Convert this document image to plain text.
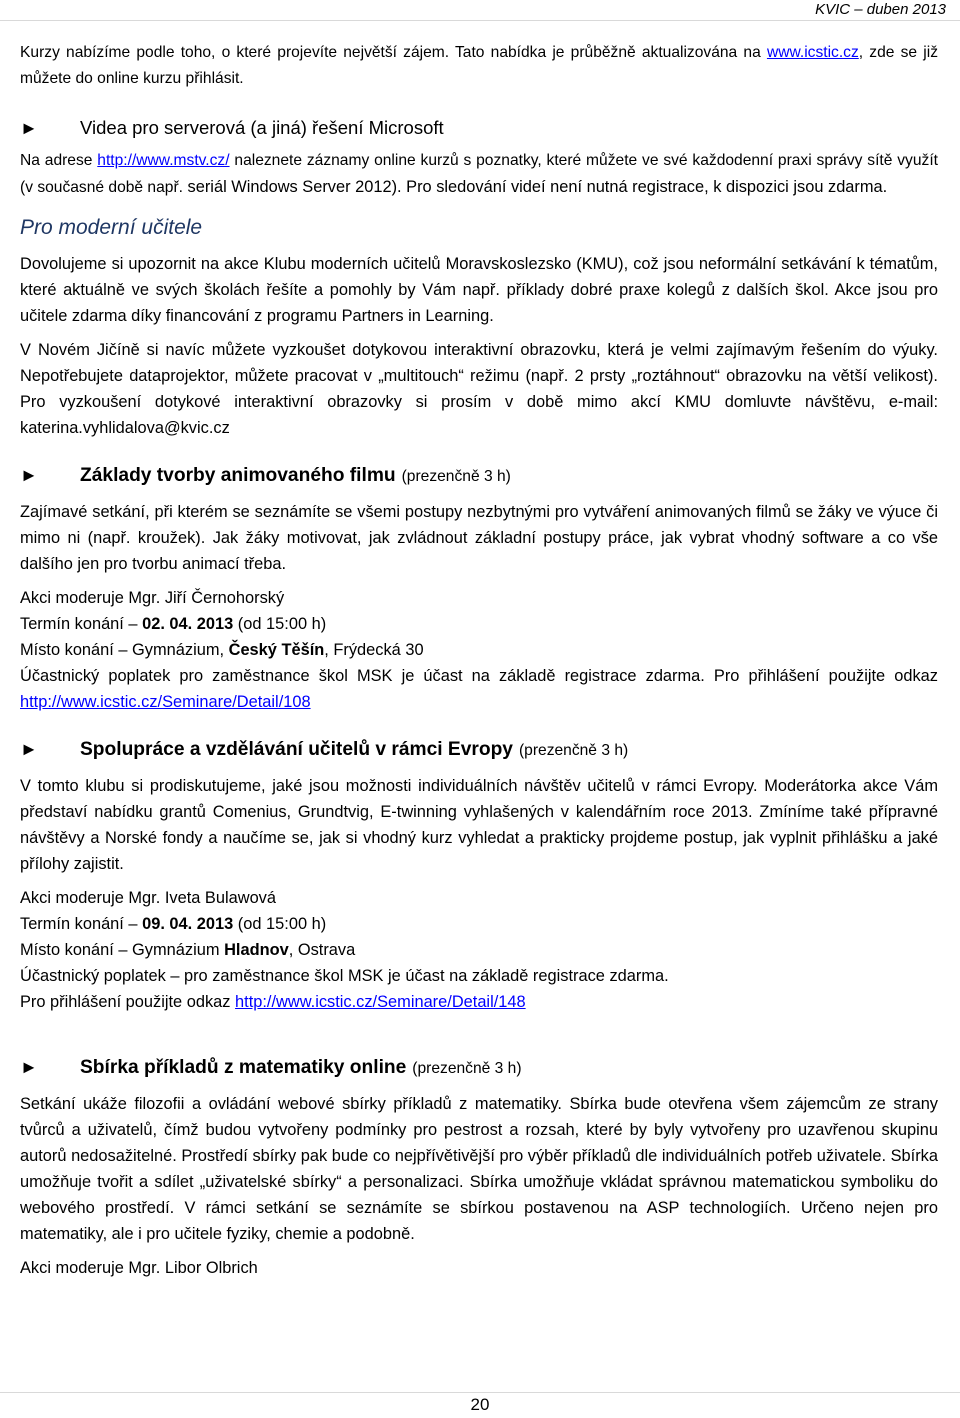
KVIC – duben 2013

Kurzy nabízíme podle toho, o které projevíte největší zájem. Tato nabídka je průběžně aktualizována na www.icstic.cz, zde se již můžete do online kurzu přihlásit.

►	Videa pro serverová (a jiná) řešení Microsoft

Na adrese http://www.mstv.cz/ naleznete záznamy online kurzů s poznatky, které můžete ve své každodenní praxi správy sítě využít (v současné době např. seriál Windows Server 2012). Pro sledování videí není nutná registrace, k dispozici jsou zdarma.

Pro moderní učitele

Dovolujeme si upozornit na akce Klubu moderních učitelů Moravskoslezsko (KMU), což jsou neformální setkávání k tématům, které aktuálně ve svých školách řešíte a pomohly by Vám např. příklady dobré praxe kolegů z dalších škol. Akce jsou pro učitele zdarma díky financování z programu Partners in Learning.

V Novém Jičíně si navíc můžete vyzkoušet dotykovou interaktivní obrazovku, která je velmi zajímavým řešením do výuky. Nepotřebujete dataprojektor, můžete pracovat v „multitouch“ režimu (např. 2 prsty „roztáhnout“ obrazovku na větší velikost). Pro vyzkoušení dotykové interaktivní obrazovky si prosím v době mimo akcí KMU domluvte návštěvu, e-mail: katerina.vyhlidalova@kvic.cz

►	Základy tvorby animovaného filmu (prezenčně 3 h)

Zajímavé setkání, při kterém se seznámíte se všemi postupy nezbytnými pro vytváření animovaných filmů se žáky ve výuce či mimo ni (např. kroužek). Jak žáky motivovat, jak zvládnout základní postupy práce, jak vybrat vhodný software a co vše dalšího jen pro tvorbu animací třeba.

Akci moderuje Mgr. Jiří Černohorský

Termín konání – 02. 04. 2013 (od 15:00 h)

Místo konání – Gymnázium, Český Těšín, Frýdecká 30

Účastnický poplatek pro zaměstnance škol MSK je účast na základě registrace zdarma. Pro přihlášení použijte odkaz http://www.icstic.cz/Seminare/Detail/108

►	Spolupráce a vzdělávání učitelů v rámci Evropy (prezenčně 3 h)

V tomto klubu si prodiskutujeme, jaké jsou možnosti individuálních návštěv učitelů v rámci Evropy. Moderátorka akce Vám představí nabídku grantů Comenius, Grundtvig, E-twinning vyhlašených v kalendářním roce 2013. Zmíníme také přípravné návštěvy a Norské fondy a naučíme se, jak si vhodný kurz vyhledat a prakticky projdeme postup, jak vyplnit přihlášku a jaké přílohy zajistit.

Akci moderuje Mgr. Iveta Bulawová

Termín konání – 09. 04. 2013 (od 15:00 h)

Místo konání – Gymnázium Hladnov, Ostrava

Účastnický poplatek – pro zaměstnance škol MSK je účast na základě registrace zdarma.

Pro přihlášení použijte odkaz http://www.icstic.cz/Seminare/Detail/148

►	Sbírka příkladů z matematiky online (prezenčně 3 h)

Setkání ukáže filozofii a ovládání webové sbírky příkladů z matematiky. Sbírka bude otevřena všem zájemcům ze strany tvůrců a uživatelů, čímž budou vytvořeny podmínky pro pestrost a rozsah, které by byly vytvořeny pro uzavřenou skupinu autorů nedosažitelné. Prostředí sbírky pak bude co nejpřívětivější pro výběr příkladů dle individuálních potřeb uživatele. Sbírka umožňuje tvořit a sdílet „uživatelské sbírky“ a personalizaci. Sbírka umožňuje vkládat správnou matematickou symboliku do webového prostředí. V rámci setkání se seznámíte se sbírkou postavenou na ASP technologiích. Určeno nejen pro matematiky, ale i pro učitele fyziky, chemie a podobně.

Akci moderuje Mgr. Libor Olbrich

20
